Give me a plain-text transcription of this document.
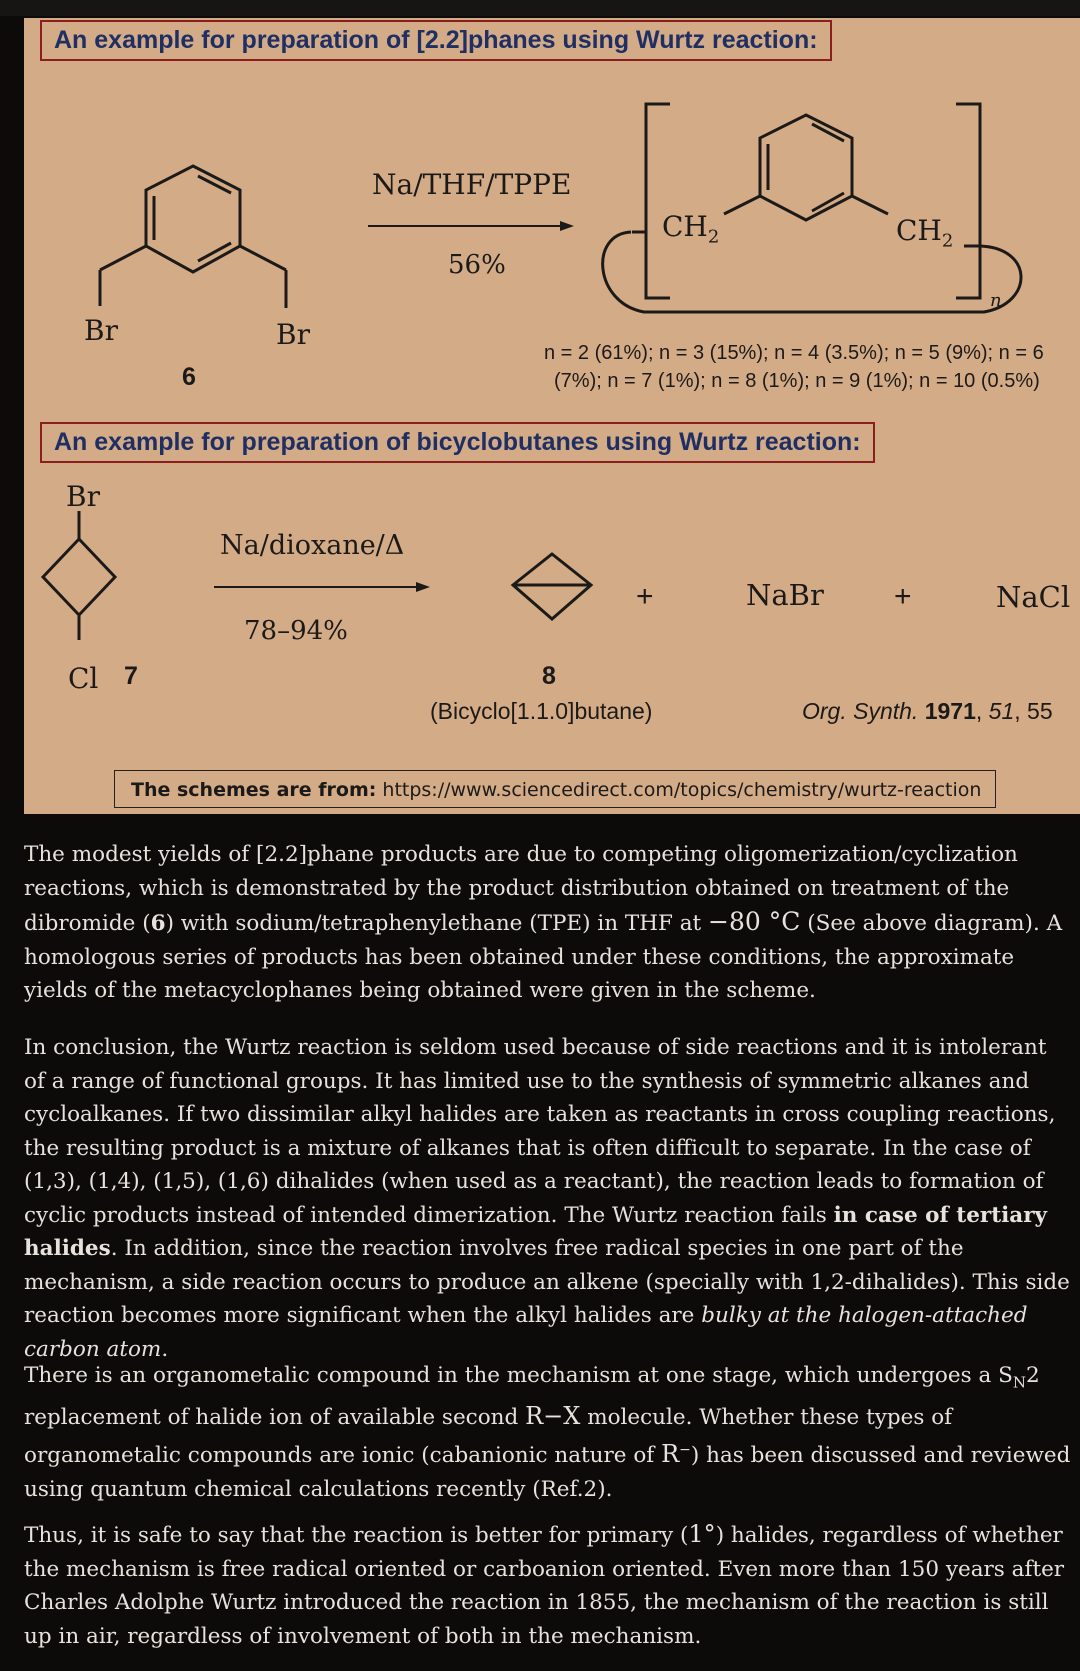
An example for preparation of [2.2]phanes using Wurtz reaction:
Na/THF/TPPE
56%
Br	Br
6
$CH_2$	$CH_2$
n
n = 2 (61%); n = 3 (15%); n = 4 (3.5%); n = 5 (9%); n = 6
(7%); n = 7 (1%); n = 8 (1%); n = 9 (1%); n = 10 (0.5%)
An example for preparation of bicyclobutanes using Wurtz reaction:
Br
Cl 7
Na/dioxane/Δ
78–94%
+	NaBr +	NaCl
8
(Bicyclo[1.1.0]butane)	Org. Synth. 1971, 51, 55
The schemes are from: https://www.sciencedirect.com/topics/chemistry/wurtz-reaction

The modest yields of [2.2]phane products are due to competing oligomerization/cyclization reactions, which is demonstrated by the product distribution obtained on treatment of the dibromide (6) with sodium/tetraphenylethane (TPE) in THF at −80 °C (See above diagram). A homologous series of products has been obtained under these conditions, the approximate yields of the metacyclophanes being obtained were given in the scheme.

In conclusion, the Wurtz reaction is seldom used because of side reactions and it is intolerant of a range of functional groups. It has limited use to the synthesis of symmetric alkanes and cycloalkanes. If two dissimilar alkyl halides are taken as reactants in cross coupling reactions, the resulting product is a mixture of alkanes that is often difficult to separate. In the case of (1,3), (1,4), (1,5), (1,6) dihalides (when used as a reactant), the reaction leads to formation of cyclic products instead of intended dimerization. The Wurtz reaction fails in case of tertiary halides. In addition, since the reaction involves free radical species in one part of the mechanism, a side reaction occurs to produce an alkene (specially with 1,2-dihalides). This side reaction becomes more significant when the alkyl halides are bulky at the halogen-attached carbon atom.

There is an organometalic compound in the mechanism at one stage, which undergoes a $S_N2$ replacement of halide ion of available second R−X molecule. Whether these types of organometalic compounds are ionic (cabanionic nature of R−) has been discussed and reviewed using quantum chemical calculations recently (Ref.2).

Thus, it is safe to say that the reaction is better for primary (1°) halides, regardless of whether the mechanism is free radical oriented or carboanion oriented. Even more than 150 years after Charles Adolphe Wurtz introduced the reaction in 1855, the mechanism of the reaction is still up in air, regardless of involvement of both in the mechanism.
